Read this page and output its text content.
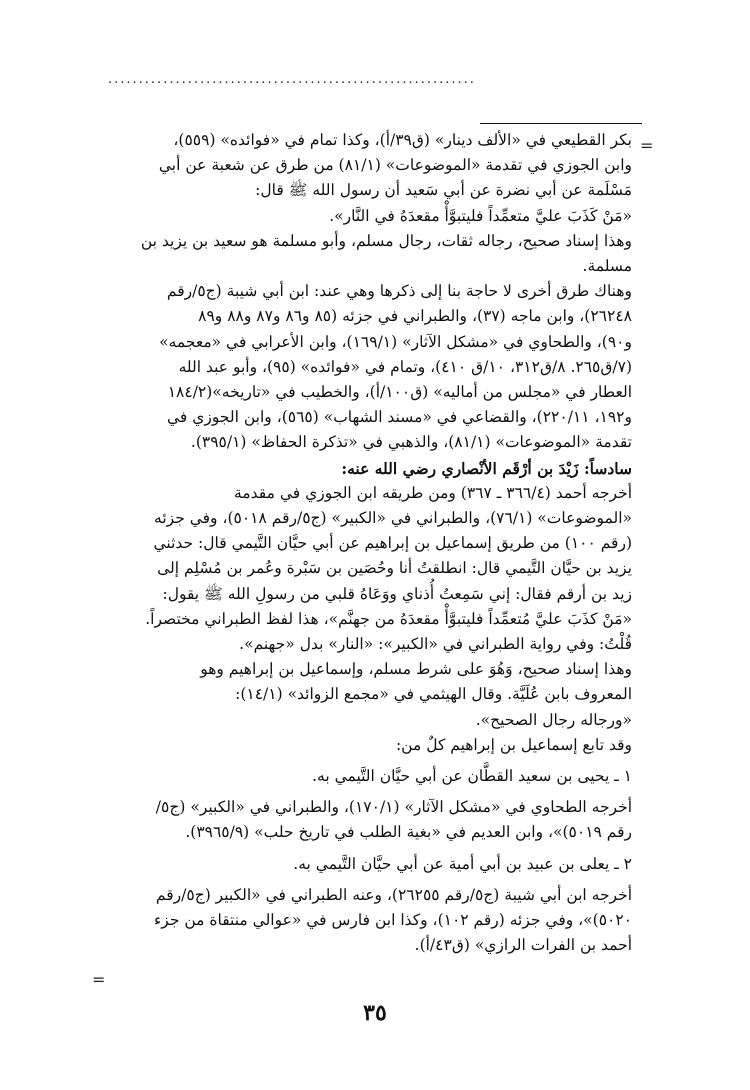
............................................................
=
=

بكر القطيعي في «الألف دينار» (ق٣٩/أ)، وكذا تمام في «فوائده» (٥٥٩)،

وابن الجوزي في تقدمة «الموضوعات» (٨١/١) من طرق عن شعبة عن أبي

مَسْلَمة عن أبي نضرة عن أبي سَعيد أن رسول الله ﷺ قال:

«مَنْ كَذَبَ عليَّ متعمِّداً فليتبوَّأْ مقعدَهُ في النَّار».

وهذا إسناد صحيح، رجاله ثقات، رجال مسلم، وأبو مسلمة هو سعيد بن يزيد بن مسلمة.

وهناك طرق أخرى لا حاجة بنا إلى ذكرها وهي عند: ابن أبي شيبة (ج٥/رقم

٢٦٢٤٨)، وابن ماجه (٣٧)، والطبراني في جزئه (٨٥ و٨٦ و٨٧ و٨٨ و٨٩

و٩٠)، والطحاوي في «مشكل الآثار» (١٦٩/١)، وابن الأعرابي في «معجمه»

(٧/ق٢٦٥. ٨/ق٣١٢، ١٠/ق ٤١٠)، وتمام في «فوائده» (٩٥)، وأبو عبد الله

العطار في «مجلس من أماليه» (ق١٠٠/أ)، والخطيب في «تاريخه»(١٨٤/٢

و١٩٢، ٢٢٠/١١)، والقضاعي في «مسند الشهاب» (٥٦٥)، وابن الجوزي في

تقدمة «الموضوعات» (٨١/١)، والذهبي في «تذكرة الحفاظ» (٣٩٥/١).

سادساً: زَيْدَ بن أرْقَم الأنْصاري رضي الله عنه:

أخرجه أحمد (٣٦٦/٤ ـ ٣٦٧) ومن طريقه ابن الجوزي في مقدمة

«الموضوعات» (٧٦/١)، والطبراني في «الكبير» (ج٥/رقم ٥٠١٨)، وفي جزئه

(رقم ١٠٠) من طريق إسماعيل بن إبراهيم عن أبي حيَّان التَّيمي قال: حدثني

يزيد بن حيَّان التَّيمي قال: انطلقتُ أنا وحُصَين بن سَبْرة وعُمر بن مُسْلِم إلى

زيد بن أرقم فقال: إني سَمِعتُ أُذناي ووَعَاهُ قلبي من رسولِ الله ﷺ يقول:

«مَنْ كذَبَ عليَّ مُتعمِّداً فليتبوَّأْ مقعدَهُ من جهنَّم»، هذا لفظ الطبراني مختصراً.

قُلْتُ: وفي رواية الطبراني في «الكبير»: «النار» بدل «جهنم».

وهذا إسناد صحيح، وَهُوَ على شرط مسلم، وإسماعيل بن إبراهيم وهو

المعروف بابن عُلَيَّة. وقال الهيثمي في «مجمع الزوائد» (١٤/١):

«ورجاله رجال الصحيح».

وقد تابع إسماعيل بن إبراهيم كلٌ من:

١ ـ يحيى بن سعيد القطَّان عن أبي حيَّان التَّيمي به.

أخرجه الطحاوي في «مشكل الآثار» (١٧٠/١)، والطبراني في «الكبير» (ج٥/

رقم ٥٠١٩)»، وابن العديم في «بغية الطلب في تاريخ حلب» (٣٩٦٥/٩).

٢ ـ يعلى بن عبيد بن أبي أمية عن أبي حيَّان التَّيمي به.

أخرجه ابن أبي شيبة (ج٥/رقم ٢٦٢٥٥)، وعنه الطبراني في «الكبير (ج٥/رقم

٥٠٢٠)»، وفي جزئه (رقم ١٠٢)، وكذا ابن فارس في «عوالي منتقاة من جزء

أحمد بن الفرات الرازي» (ق٤٣/أ).

٣٥
